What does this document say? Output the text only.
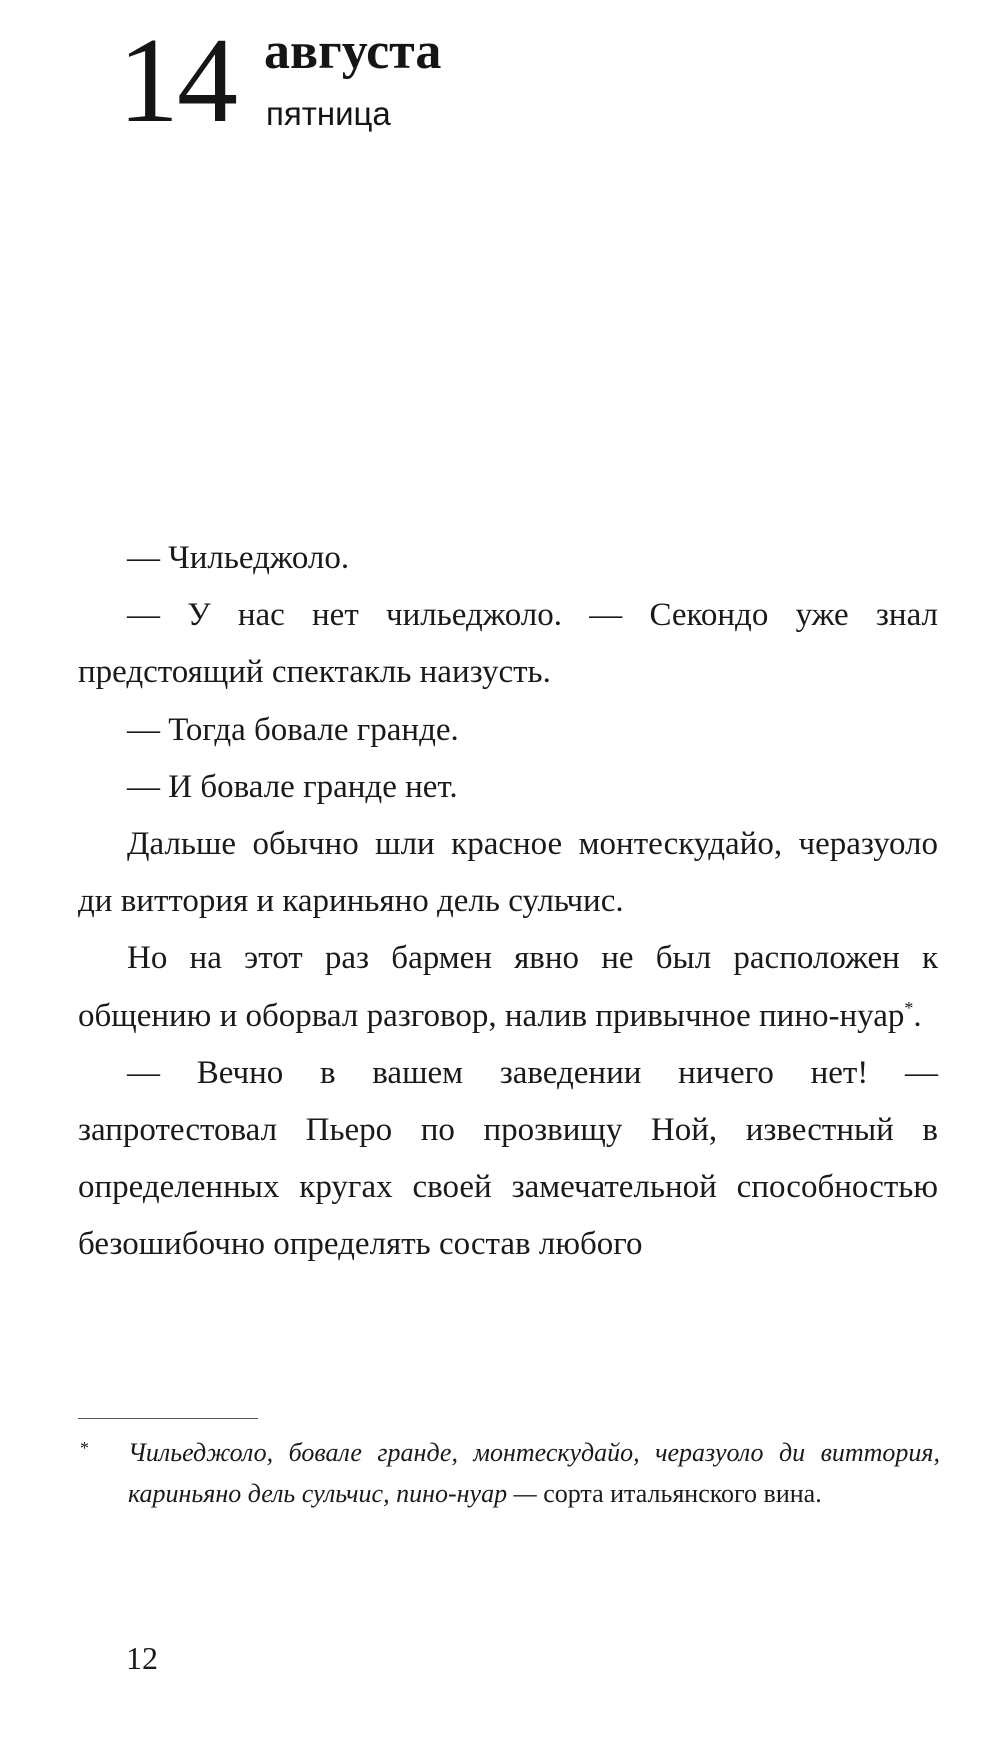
14 августа
пятница

— Чильеджоло.

— У нас нет чильеджоло. — Секондо уже знал предстоящий спектакль наизусть.

— Тогда бовале гранде.

— И бовале гранде нет.

Дальше обычно шли красное монтескудайо, черазуоло ди виттория и кариньяно дель сульчис.

Но на этот раз бармен явно не был расположен к общению и оборвал разговор, налив привычное пино-нуар*.

— Вечно в вашем заведении ничего нет! — запротестовал Пьеро по прозвищу Ной, известный в определенных кругах своей замечательной способностью безошибочно определять состав любого

* Чильеджоло, бовале гранде, монтескудайо, черазуоло ди виттория, кариньяно дель сульчис, пино-нуар — сорта итальянского вина.
12
